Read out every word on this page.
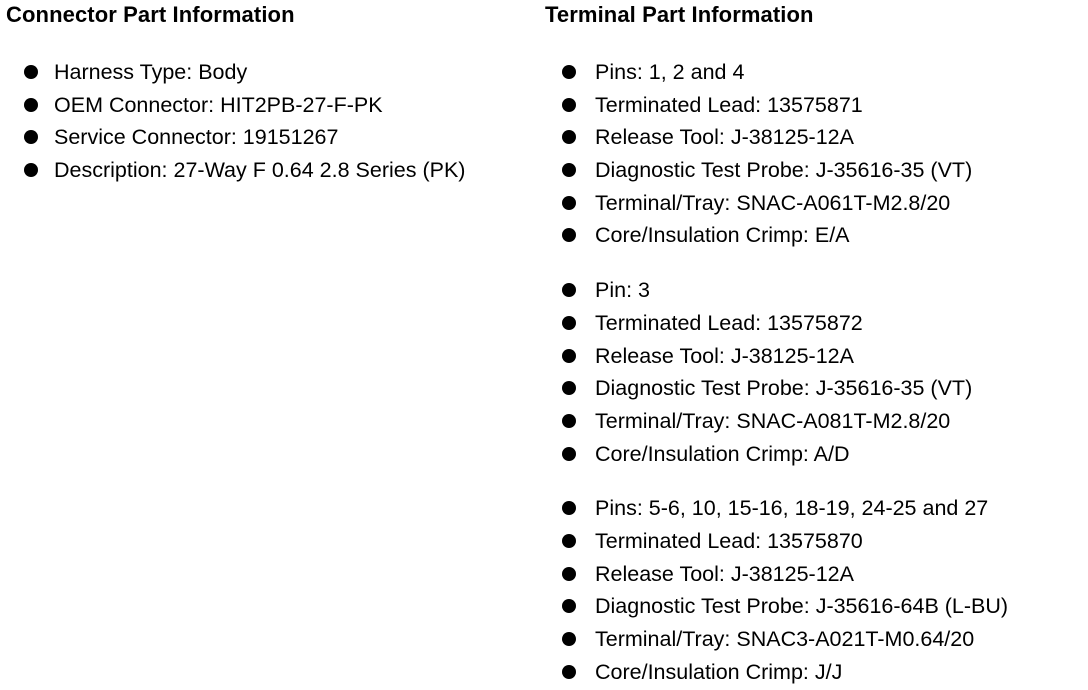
Connector Part Information
Harness Type: Body
OEM Connector: HIT2PB-27-F-PK
Service Connector: 19151267
Description: 27-Way F 0.64 2.8 Series (PK)
Terminal Part Information
Pins: 1, 2 and 4
Terminated Lead: 13575871
Release Tool: J-38125-12A
Diagnostic Test Probe: J-35616-35 (VT)
Terminal/Tray: SNAC-A061T-M2.8/20
Core/Insulation Crimp: E/A
Pin: 3
Terminated Lead: 13575872
Release Tool: J-38125-12A
Diagnostic Test Probe: J-35616-35 (VT)
Terminal/Tray: SNAC-A081T-M2.8/20
Core/Insulation Crimp: A/D
Pins: 5-6, 10, 15-16, 18-19, 24-25 and 27
Terminated Lead: 13575870
Release Tool: J-38125-12A
Diagnostic Test Probe: J-35616-64B (L-BU)
Terminal/Tray: SNAC3-A021T-M0.64/20
Core/Insulation Crimp: J/J
